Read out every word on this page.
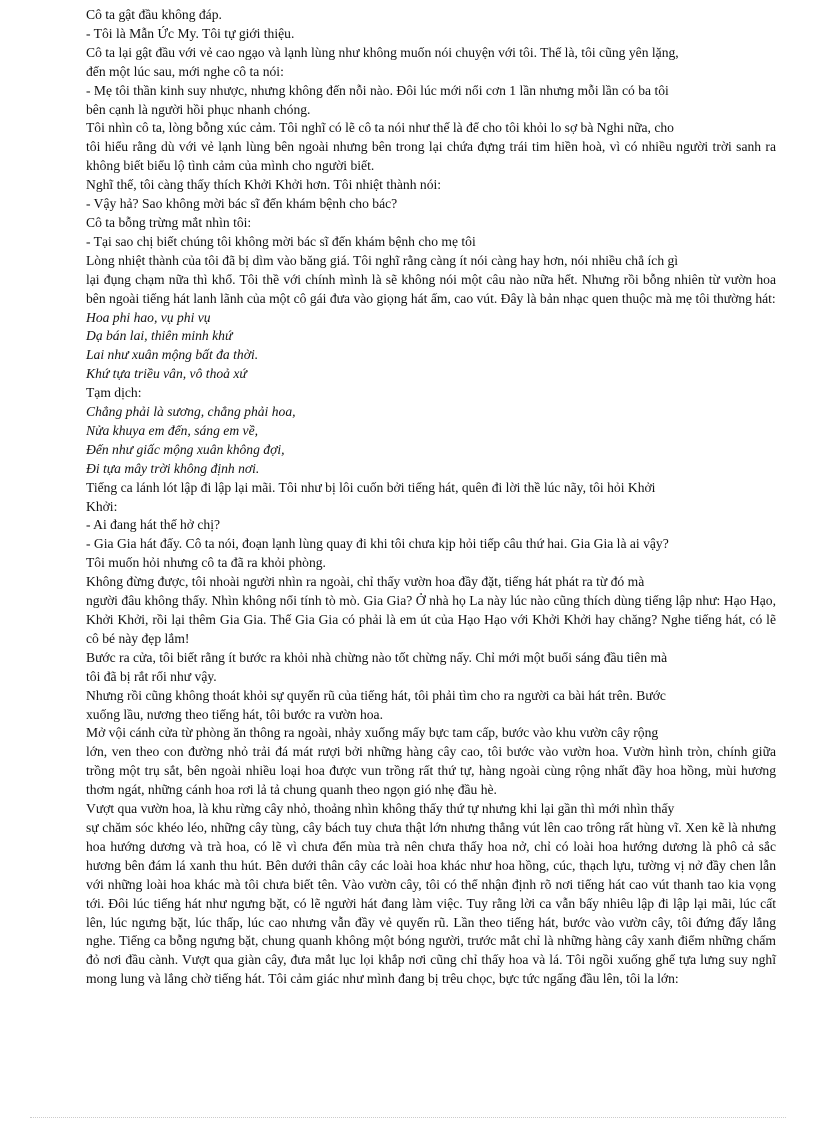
Cô ta gật đầu không đáp.
- Tôi là Mẫn Ức My. Tôi tự giới thiệu.
Cô ta lại gật đầu với vẻ cao ngạo và lạnh lùng như không muốn nói chuyện với tôi. Thế là, tôi cũng yên lặng,
đến một lúc sau, mới nghe cô ta nói:
- Mẹ tôi thần kinh suy nhược, nhưng không đến nỗi nào. Đôi lúc mới nổi cơn 1 lần nhưng mỗi lần có ba tôi
bên cạnh là người hồi phục nhanh chóng.
Tôi nhìn cô ta, lòng bỗng xúc cảm. Tôi nghĩ có lẽ cô ta nói như thế là để cho tôi khỏi lo sợ bà Nghi nữa, cho
tôi hiểu rằng dù với vẻ lạnh lùng bên ngoài nhưng bên trong lại chứa đựng trái tim hiền hoà, vì có nhiều người trời sanh ra không biết biểu lộ tình cảm của mình cho người biết.
Nghĩ thế, tôi càng thấy thích Khởi Khởi hơn. Tôi nhiệt thành nói:
- Vậy hả? Sao không mời bác sĩ đến khám bệnh cho bác?
Cô ta bỗng trừng mắt nhìn tôi:
- Tại sao chị biết chúng tôi không mời bác sĩ đến khám bệnh cho mẹ tôi
Lòng nhiệt thành của tôi đã bị dìm vào băng giá. Tôi nghĩ rằng càng ít nói càng hay hơn, nói nhiều chẳ ích gì
lại đụng chạm nữa thì khổ. Tôi thề với chính mình là sẽ không nói một câu nào nữa hết. Nhưng rồi bỗng nhiên từ vườn hoa bên ngoài tiếng hát lanh lãnh của một cô gái đưa vào giọng hát ấm, cao vút. Đây là bản nhạc quen thuộc mà mẹ tôi thường hát:
Hoa phi hao, vụ phi vụ
Dạ bán lai, thiên minh khứ
Lai như xuân mộng bất đa thời.
Khứ tựa triều vân, vô thoả xứ
Tạm dịch:
Chẳng phải là sương, chẳng phải hoa,
Nửa khuya em đến, sáng em về,
Đến như giấc mộng xuân không đợi,
Đi tựa mây trời không định nơi.
Tiếng ca lánh lót lập đi lập lại mãi. Tôi như bị lôi cuốn bởi tiếng hát, quên đi lời thề lúc nãy, tôi hỏi Khởi
Khởi:
- Ai đang hát thế hở chị?
- Gia Gia hát đấy. Cô ta nói, đoạn lạnh lùng quay đi khi tôi chưa kịp hỏi tiếp câu thứ hai. Gia Gia là ai vậy?
Tôi muốn hỏi nhưng cô ta đã ra khỏi phòng.
Không đừng được, tôi nhoài người nhìn ra ngoài, chỉ thấy vườn hoa đầy đặt, tiếng hát phát ra từ đó mà
người đâu không thấy. Nhìn không nổi tính tò mò. Gia Gia? Ở nhà họ La này lúc nào cũng thích dùng tiếng lập như: Hạo Hạo, Khởi Khởi, rồi lại thêm Gia Gia. Thế Gia Gia có phải là em út của Hạo Hạo với Khởi Khởi hay chăng? Nghe tiếng hát, có lẽ cô bé này đẹp lắm!
Bước ra cửa, tôi biết rằng ít bước ra khỏi nhà chừng nào tốt chừng nấy. Chỉ mới một buổi sáng đầu tiên mà
tôi đã bị rắt rối như vậy.
Nhưng rồi cũng không thoát khỏi sự quyến rũ của tiếng hát, tôi phải tìm cho ra người ca bài hát trên. Bước
xuống lầu, nương theo tiếng hát, tôi bước ra vườn hoa.
Mở vội cánh cửa từ phòng ăn thông ra ngoài, nhảy xuống mấy bực tam cấp, bước vào khu vườn cây rộng
lớn, ven theo con đường nhỏ trải đá mát rượi bởi những hàng cây cao, tôi bước vào vườn hoa. Vườn hình tròn, chính giữa trồng một trụ sắt, bên ngoài nhiều loại hoa được vun trồng rất thứ tự, hàng ngoài cùng rộng nhất đầy hoa hồng, mùi hương thơm ngát, những cánh hoa rơi lả tả chung quanh theo ngọn gió nhẹ đầu hè.
Vượt qua vườn hoa, là khu rừng cây nhỏ, thoảng nhìn không thấy thứ tự nhưng khi lại gần thì mới nhìn thấy
sự chăm sóc khéo léo, những cây tùng, cây bách tuy chưa thật lớn nhưng thẳng vút lên cao trông rất hùng vĩ. Xen kẽ là nhưng hoa hướng dương và trà hoa, có lẽ vì chưa đến mùa trà nên chưa thấy hoa nở, chỉ có loài hoa hướng dương là phô cả sắc hương bên đám lá xanh thu hút. Bên dưới thân cây các loài hoa khác như hoa hồng, cúc, thạch lựu, tường vị nở đầy chen lẫn với những loài hoa khác mà tôi chưa biết tên. Vào vườn cây, tôi có thể nhận định rõ nơi tiếng hát cao vút thanh tao kia vọng tới. Đôi lúc tiếng hát như ngưng bặt, có lẽ người hát đang làm việc. Tuy rằng lời ca vẫn bấy nhiêu lập đi lập lại mãi, lúc cất lên, lúc ngưng bặt, lúc thấp, lúc cao nhưng vẫn đầy vẻ quyến rũ. Lần theo tiếng hát, bước vào vườn cây, tôi đứng đấy lắng nghe. Tiếng ca bỗng ngưng bặt, chung quanh không một bóng người, trước mắt chỉ là những hàng cây xanh điểm những chấm đỏ nơi đầu cành. Vượt qua giàn cây, đưa mắt lục lọi khắp nơi cũng chỉ thấy hoa và lá. Tôi ngồi xuống ghế tựa lưng suy nghĩ mong lung và lắng chờ tiếng hát. Tôi cảm giác như mình đang bị trêu chọc, bực tức ngẩng đầu lên, tôi la lớn:
